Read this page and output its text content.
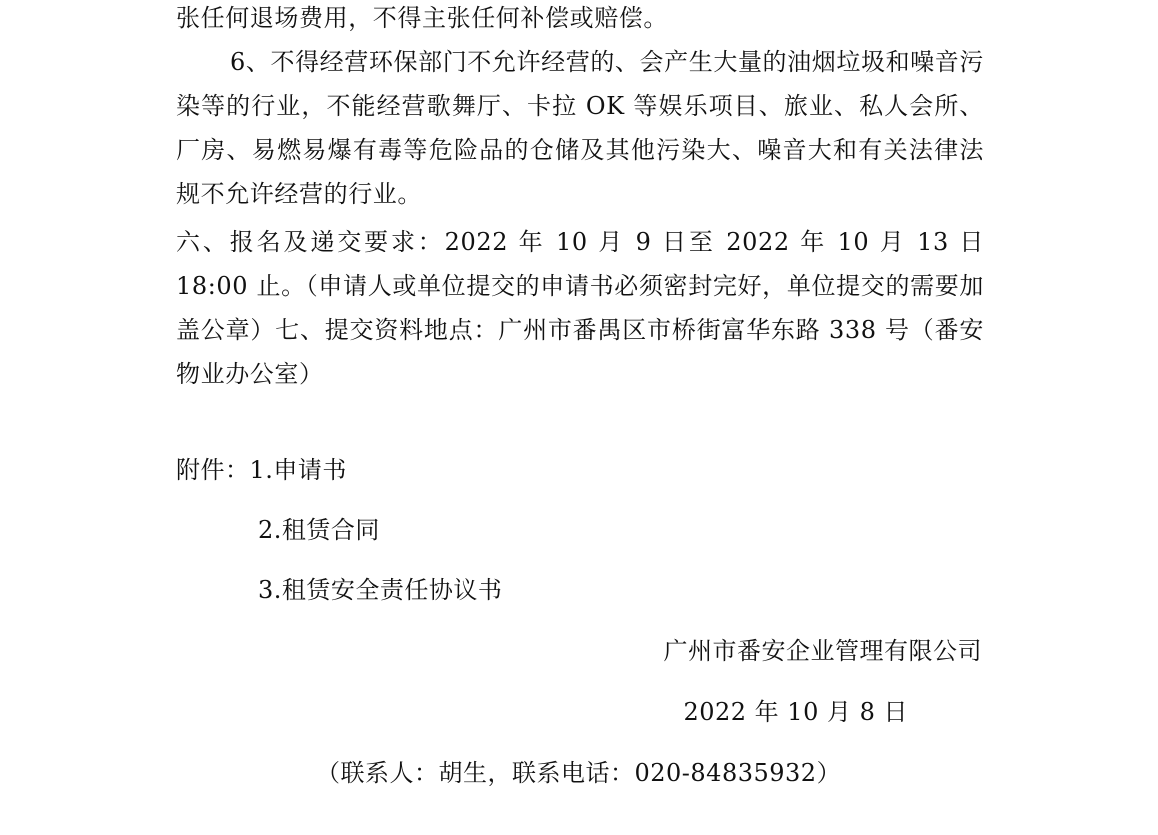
张任何退场费用，不得主张任何补偿或赔偿。
6、不得经营环保部门不允许经营的、会产生大量的油烟垃圾和噪音污染等的行业，不能经营歌舞厅、卡拉 OK 等娱乐项目、旅业、私人会所、厂房、易燃易爆有毒等危险品的仓储及其他污染大、噪音大和有关法律法规不允许经营的行业。
六、报名及递交要求：2022 年 10 月 9 日至 2022 年 10 月 13 日 18:00 止。（申请人或单位提交的申请书必须密封完好，单位提交的需要加盖公章）七、提交资料地点：广州市番禺区市桥街富华东路 338 号（番安物业办公室）
附件：1.申请书
2.租赁合同
3.租赁安全责任协议书
广州市番安企业管理有限公司
2022 年 10 月 8 日
（联系人：胡生，联系电话：020-84835932）
